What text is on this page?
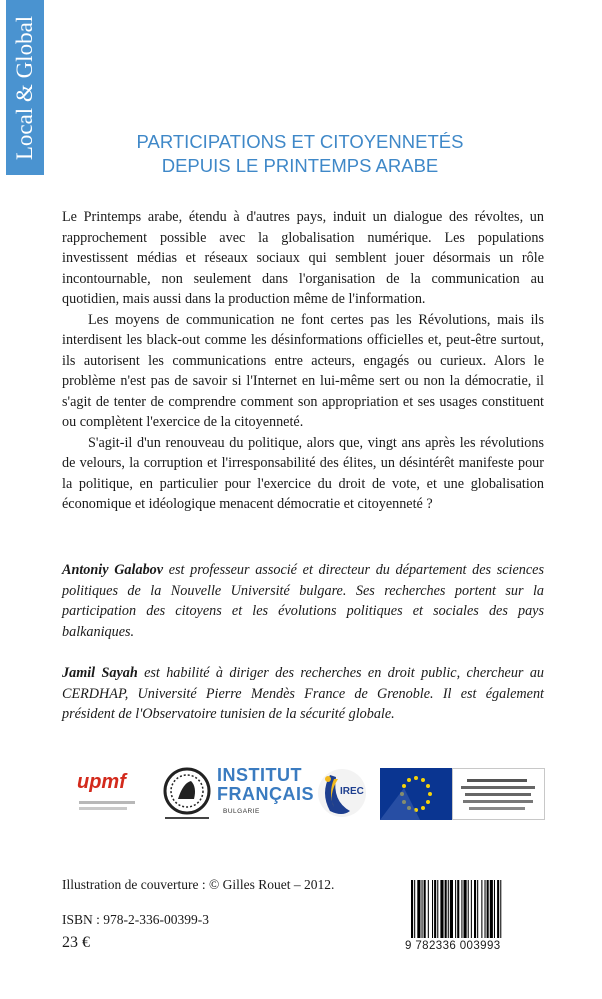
Local & Global	PARTICIPATIONS ET CITOYENNETÉS
DEPUIS LE PRINTEMPS ARABE

Le Printemps arabe, étendu à d'autres pays, induit un dialogue des révoltes, un rapprochement possible avec la globalisation numérique. Les populations investissent médias et réseaux sociaux qui semblent jouer désormais un rôle incontournable, non seulement dans l'organisation de la communication au quotidien, mais aussi dans la production même de l'information.

Les moyens de communication ne font certes pas les Révolutions, mais ils interdisent les black-out comme les désinformations officielles et, peut-être surtout, ils autorisent les communications entre acteurs, engagés ou curieux. Alors le problème n'est pas de savoir si l'Internet en lui-même sert ou non la démocratie, il s'agit de tenter de comprendre comment son appropriation et ses usages constituent ou complètent l'exercice de la citoyenneté.

S'agit-il d'un renouveau du politique, alors que, vingt ans après les révolutions de velours, la corruption et l'irresponsabilité des élites, un désintérêt manifeste pour la politique, en particulier pour l'exercice du droit de vote, et une globalisation économique et idéologique menacent démocratie et citoyenneté ?

Antoniy Galabov est professeur associé et directeur du département des sciences politiques de la Nouvelle Université bulgare. Ses recherches portent sur la participation des citoyens et les évolutions politiques et sociales des pays balkaniques.
Jamil Sayah est habilité à diriger des recherches en droit public, chercheur au CERDHAP, Université Pierre Mendès France de Grenoble. Il est également président de l'Observatoire tunisien de la sécurité globale.
upmf	INSTITUT
FRANÇAIS
BULGARIE
IREC
Illustration de couverture : © Gilles Rouet – 2012.
ISBN : 978-2-336-00399-3
23 €	9 782336 003993
